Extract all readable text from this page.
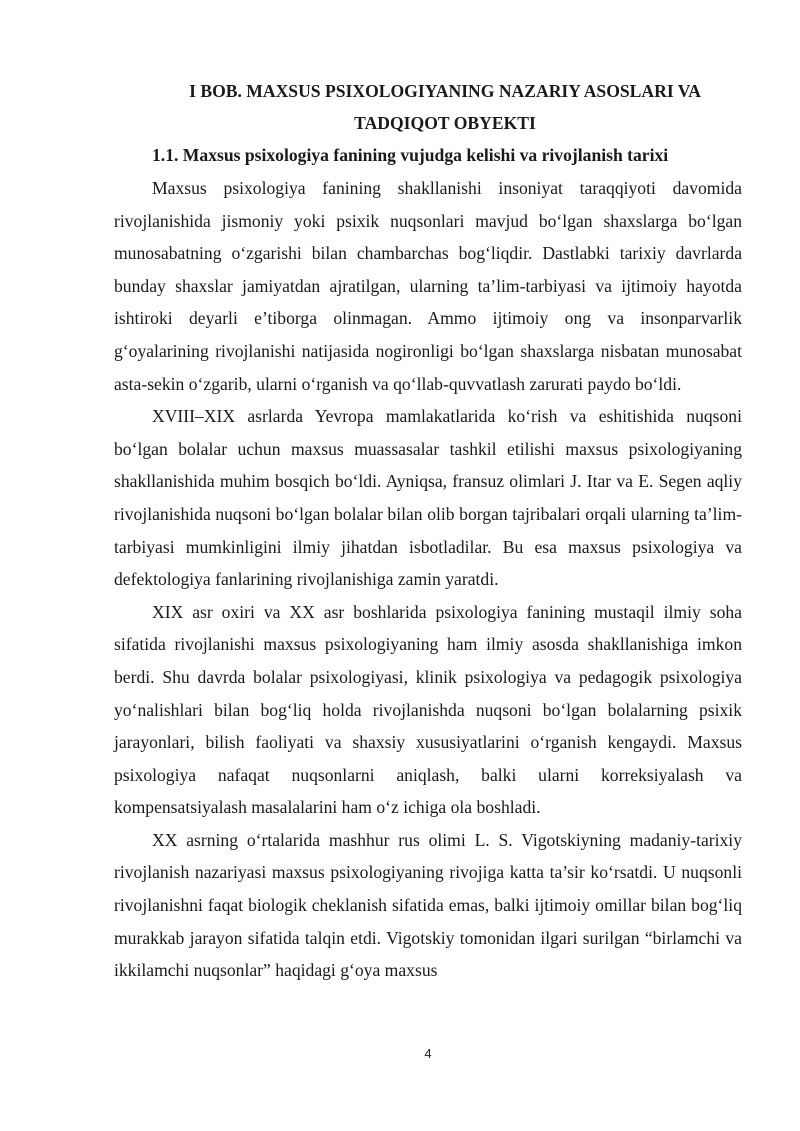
I BOB. MAXSUS PSIXOLOGIYANING NAZARIY ASOSLARI VA TADQIQOT OBYEKTI
1.1. Maxsus psixologiya fanining vujudga kelishi va rivojlanish tarixi

Maxsus psixologiya fanining shakllanishi insoniyat taraqqiyoti davomida rivojlanishida jismoniy yoki psixik nuqsonlari mavjud bo‘lgan shaxslarga bo‘lgan munosabatning o‘zgarishi bilan chambarchas bog‘liqdir. Dastlabki tarixiy davrlarda bunday shaxslar jamiyatdan ajratilgan, ularning ta’lim-tarbiyasi va ijtimoiy hayotda ishtiroki deyarli e’tiborga olinmagan. Ammo ijtimoiy ong va insonparvarlik g‘oyalarining rivojlanishi natijasida nogironligi bo‘lgan shaxslarga nisbatan munosabat asta-sekin o‘zgarib, ularni o‘rganish va qo‘llab-quvvatlash zarurati paydo bo‘ldi.

XVIII–XIX asrlarda Yevropa mamlakatlarida ko‘rish va eshitishida nuqsoni bo‘lgan bolalar uchun maxsus muassasalar tashkil etilishi maxsus psixologiyaning shakllanishida muhim bosqich bo‘ldi. Ayniqsa, fransuz olimlari J. Itar va E. Segen aqliy rivojlanishida nuqsoni bo‘lgan bolalar bilan olib borgan tajribalari orqali ularning ta’lim-tarbiyasi mumkinligini ilmiy jihatdan isbotladilar. Bu esa maxsus psixologiya va defektologiya fanlarining rivojlanishiga zamin yaratdi.

XIX asr oxiri va XX asr boshlarida psixologiya fanining mustaqil ilmiy soha sifatida rivojlanishi maxsus psixologiyaning ham ilmiy asosda shakllanishiga imkon berdi. Shu davrda bolalar psixologiyasi, klinik psixologiya va pedagogik psixologiya yo‘nalishlari bilan bog‘liq holda rivojlanishda nuqsoni bo‘lgan bolalarning psixik jarayonlari, bilish faoliyati va shaxsiy xususiyatlarini o‘rganish kengaydi. Maxsus psixologiya nafaqat nuqsonlarni aniqlash, balki ularni korreksiyalash va kompensatsiyalash masalalarini ham o‘z ichiga ola boshladi.

XX asrning o‘rtalarida mashhur rus olimi L. S. Vigotskiyning madaniy-tarixiy rivojlanish nazariyasi maxsus psixologiyaning rivojiga katta ta’sir ko‘rsatdi. U nuqsonli rivojlanishni faqat biologik cheklanish sifatida emas, balki ijtimoiy omillar bilan bog‘liq murakkab jarayon sifatida talqin etdi. Vigotskiy tomonidan ilgari surilgan “birlamchi va ikkilamchi nuqsonlar” haqidagi g‘oya maxsus

4
